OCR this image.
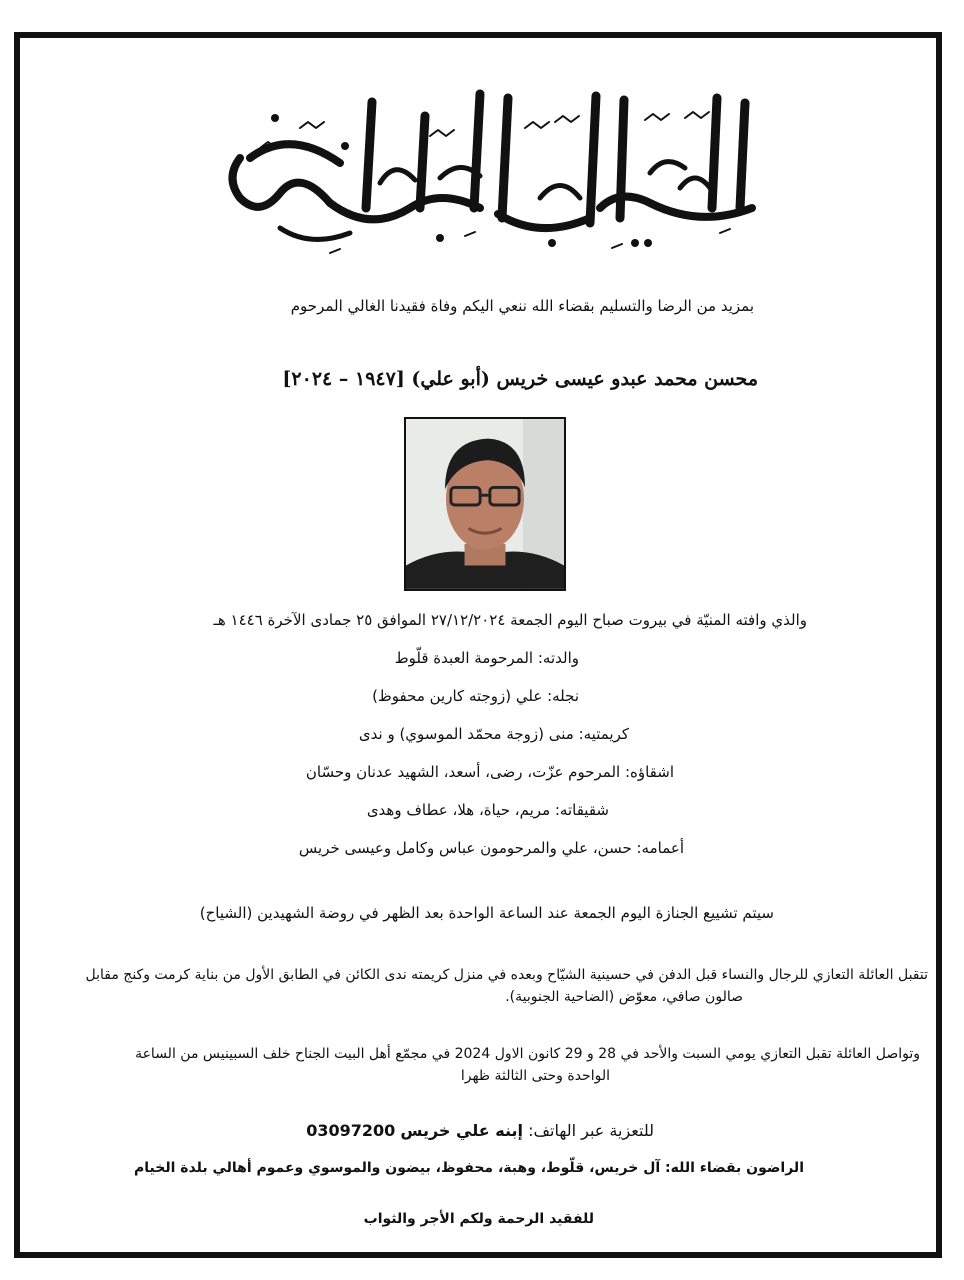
بمزيد من الرضا والتسليم بقضاء الله ننعي اليكم وفاة فقيدنا الغالي المرحوم
محسن محمد عبدو عيسى خريس (أبو علي) [١٩٤٧ – ٢٠٢٤]
والذي وافته المنيّة في بيروت صباح اليوم الجمعة ٢٧/١٢/٢٠٢٤ الموافق ٢٥ جمادى الآخرة ١٤٤٦ هـ
والدته: المرحومة العبدة قلّوط
نجله: علي (زوجته كارين محفوظ)
كريمتيه: منى (زوجة محمّد الموسوي) و ندى
اشقاؤه: المرحوم عزّت، رضى، أسعد، الشهيد عدنان وحسّان
شقيقاته: مريم، حياة، هلا، عطاف وهدى
أعمامه: حسن، علي والمرحومون عباس وكامل وعيسى خريس
سيتم تشييع الجنازة اليوم الجمعة عند الساعة الواحدة بعد الظهر في روضة الشهيدين (الشياح)
تتقبل العائلة التعازي للرجال والنساء قبل الدفن في حسينية الشيّاح وبعده في منزل كريمته ندى الكائن في الطابق الأول من بناية كرمت وكنج مقابل
صالون صافي، معوّض (الضاحية الجنوبية).
وتواصل العائلة تقبل التعازي يومي السبت والأحد في 28 و 29 كانون الاول 2024 في مجمّع أهل البيت الجناح خلف السبينيس من الساعة
الواحدة وحتى الثالثة ظهرا
للتعزية عبر الهاتف: إبنه علي خريس 03097200
الراضون بقضاء الله: آل خريس، قلّوط، وهبة، محفوظ، بيضون والموسوي وعموم أهالي بلدة الخيام
للفقيد الرحمة ولكم الأجر والثواب
